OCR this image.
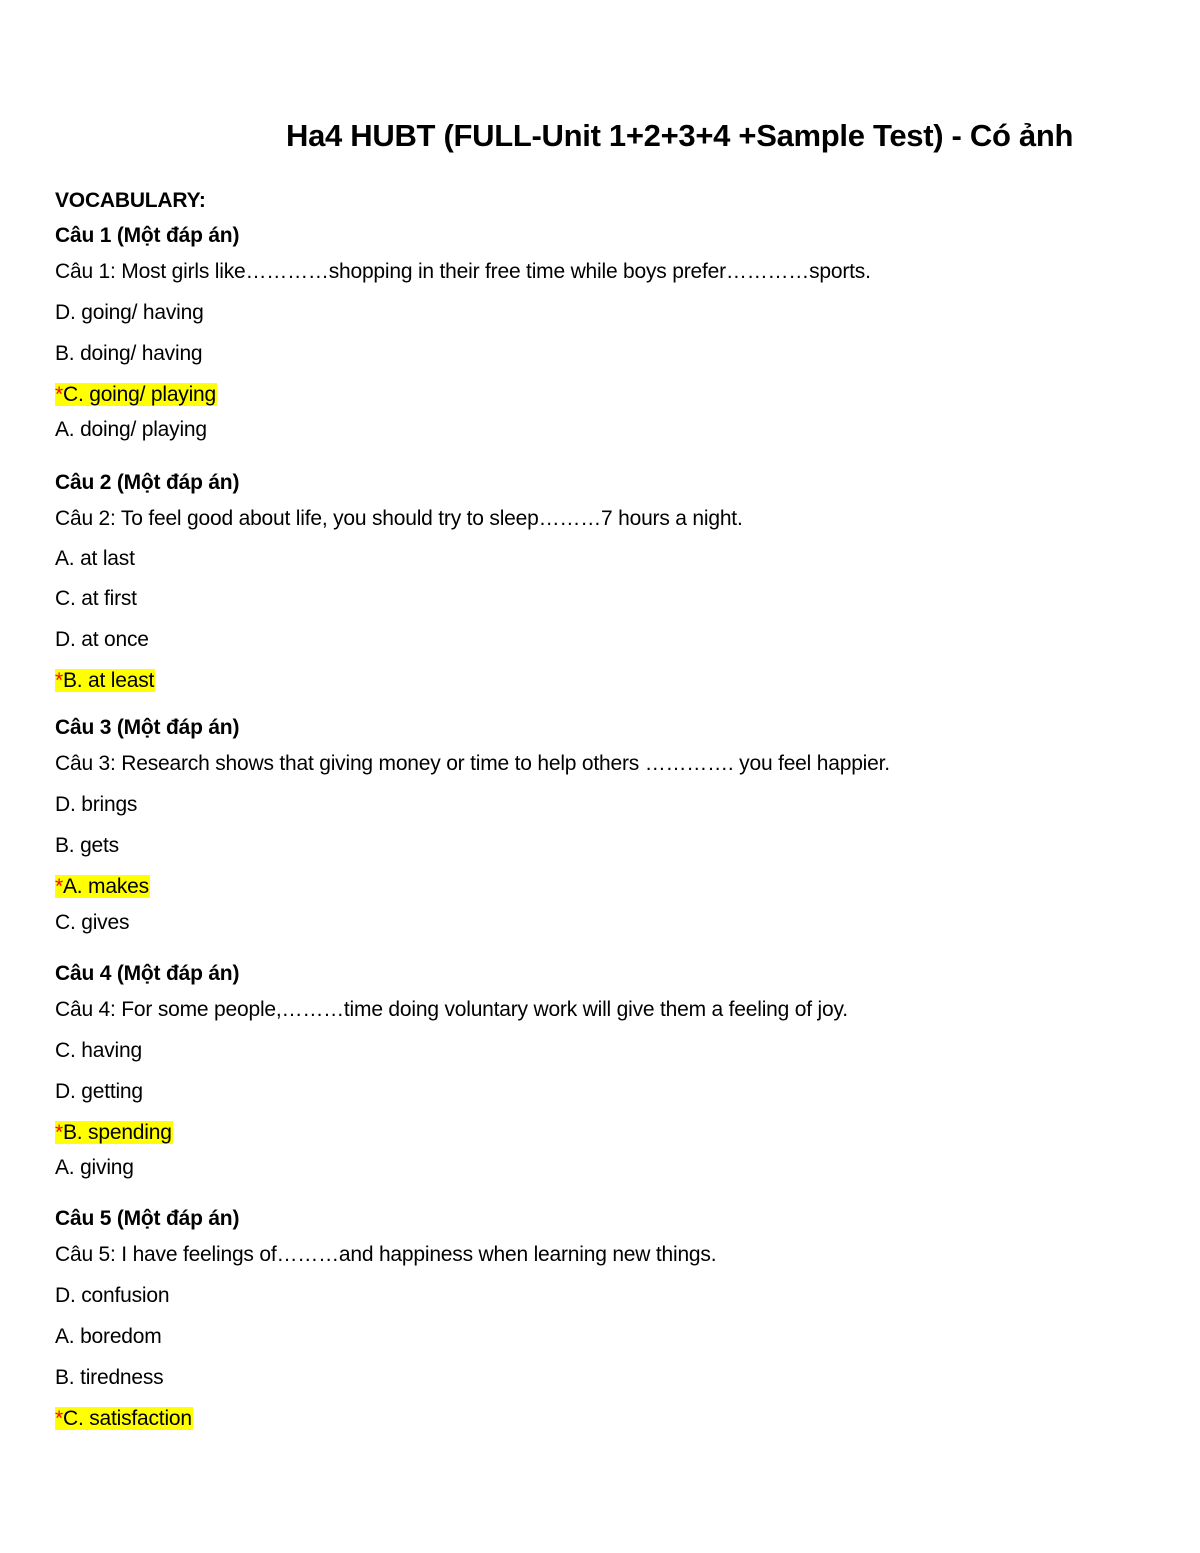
Ha4 HUBT (FULL-Unit 1+2+3+4 +Sample Test) - Có ảnh
VOCABULARY:
Câu 1 (Một đáp án)
Câu 1: Most girls like…………shopping in their free time while boys prefer…………sports.
D. going/ having
B. doing/ having
*C. going/ playing
A. doing/ playing
Câu 2 (Một đáp án)
Câu 2: To feel good about life, you should try to sleep………7 hours a night.
A. at last
C. at first
D. at once
*B. at least
Câu 3 (Một đáp án)
Câu 3: Research shows that giving money or time to help others …………. you feel happier.
D. brings
B. gets
*A. makes
C. gives
Câu 4 (Một đáp án)
Câu 4: For some people,………time doing voluntary work will give them a feeling of joy.
C. having
D. getting
*B. spending
A. giving
Câu 5 (Một đáp án)
Câu 5: I have feelings of………and happiness when learning new things.
D. confusion
A. boredom
B. tiredness
*C. satisfaction
